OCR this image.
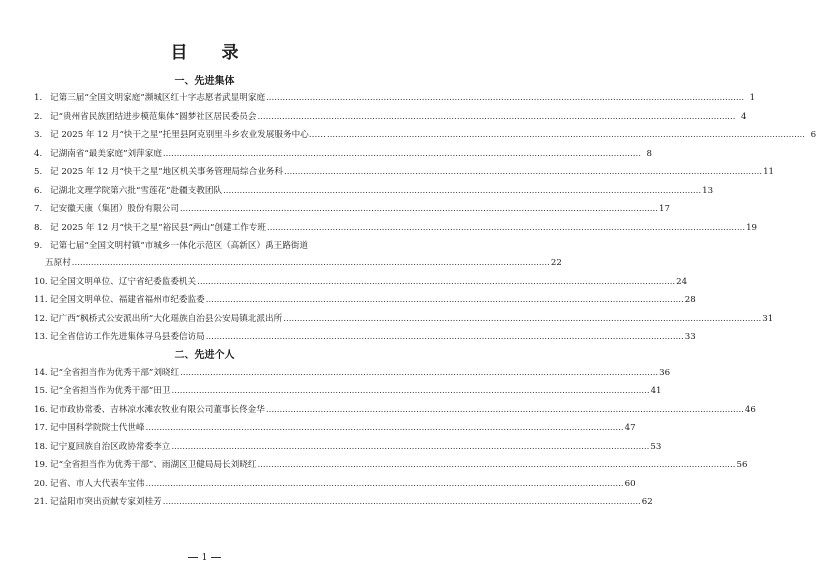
目 录
一、先进集体
1. 记第三届“全国文明家庭”濒城区红十字志愿者武显明家庭 .....	1
2. 记“贵州省民族团结进步模范集体”圆梦社区居民委员会 .....	4
3. 记 2025 年 12 月“快干之星”托里县阿克别里斗乡农业发展服务中心…… .....	6
4. 记湖南省“最美家庭”刘萍家庭 .....	8
5. 记 2025 年 12 月“快干之星”地区机关事务管理局综合业务科 .....	11
6. 记湖北文理学院第六批“雪莲花”赴疆支教团队 .....	13
7. 记安徽天康（集团）股份有限公司 .....	17
8. 记 2025 年 12 月“快干之星”裕民县“两山”创建工作专班 .....	19
9. 记第七届“全国文明村镇”市城乡一体化示范区（高新区）禹王路街道
五原村 .....	22
10. 记全国文明单位、辽宁省纪委监委机关 .....	24
11. 记全国文明单位、福建省福州市纪委监委 .....	28
12. 记广西“枫桥式公安派出所”大化瑶族自治县公安局镇北派出所 .....	31
13. 记全省信访工作先进集体寻乌县委信访局 .....	33
二、先进个人
14. 记“全省担当作为优秀干部”刘晓红 .....	36
15. 记“全省担当作为优秀干部”田卫 .....	41
16. 记市政协常委、吉林凉水滩农牧业有限公司董事长佟金华 .....	46
17. 记中国科学院院士代世峰 .....	47
18. 记宁夏回族自治区政协常委李立 .....	53
19. 记“全省担当作为优秀干部”、雨湖区卫健局局长刘晓红 .....	56
20. 记省、市人大代表车宝伟 .....	60
21. 记益阳市突出贡献专家刘桂芳 .....	62
1
